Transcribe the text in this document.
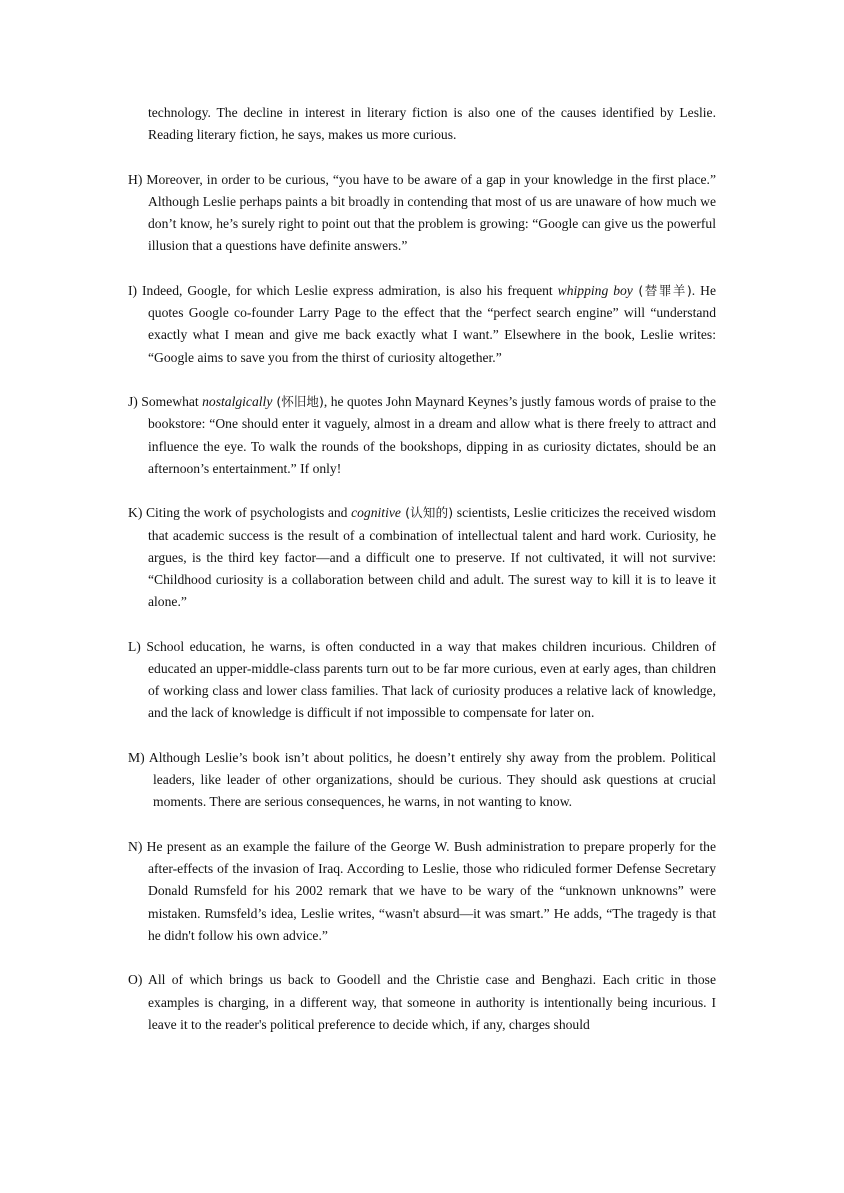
technology. The decline in interest in literary fiction is also one of the causes identified by Leslie. Reading literary fiction, he says, makes us more curious.

H) Moreover, in order to be curious, “you have to be aware of a gap in your knowledge in the first place.” Although Leslie perhaps paints a bit broadly in contending that most of us are unaware of how much we don’t know, he’s surely right to point out that the problem is growing: “Google can give us the powerful illusion that a questions have definite answers.”

I) Indeed, Google, for which Leslie express admiration, is also his frequent whipping boy (替罪羊). He quotes Google co-founder Larry Page to the effect that the “perfect search engine” will “understand exactly what I mean and give me back exactly what I want.” Elsewhere in the book, Leslie writes: “Google aims to save you from the thirst of curiosity altogether.”

J) Somewhat nostalgically (怀旧地), he quotes John Maynard Keynes’s justly famous words of praise to the bookstore: “One should enter it vaguely, almost in a dream and allow what is there freely to attract and influence the eye. To walk the rounds of the bookshops, dipping in as curiosity dictates, should be an afternoon’s entertainment.” If only!

K) Citing the work of psychologists and cognitive (认知的) scientists, Leslie criticizes the received wisdom that academic success is the result of a combination of intellectual talent and hard work. Curiosity, he argues, is the third key factor—and a difficult one to preserve. If not cultivated, it will not survive: “Childhood curiosity is a collaboration between child and adult. The surest way to kill it is to leave it alone.”

L) School education, he warns, is often conducted in a way that makes children incurious. Children of educated an upper-middle-class parents turn out to be far more curious, even at early ages, than children of working class and lower class families. That lack of curiosity produces a relative lack of knowledge, and the lack of knowledge is difficult if not impossible to compensate for later on.

M) Although Leslie’s book isn’t about politics, he doesn’t entirely shy away from the problem. Political leaders, like leader of other organizations, should be curious. They should ask questions at crucial moments. There are serious consequences, he warns, in not wanting to know.

N) He present as an example the failure of the George W. Bush administration to prepare properly for the after-effects of the invasion of Iraq. According to Leslie, those who ridiculed former Defense Secretary Donald Rumsfeld for his 2002 remark that we have to be wary of the “unknown unknowns” were mistaken. Rumsfeld’s idea, Leslie writes, “wasn't absurd—it was smart.” He adds, “The tragedy is that he didn't follow his own advice.”

O) All of which brings us back to Goodell and the Christie case and Benghazi. Each critic in those examples is charging, in a different way, that someone in authority is intentionally being incurious. I leave it to the reader's political preference to decide which, if any, charges should
